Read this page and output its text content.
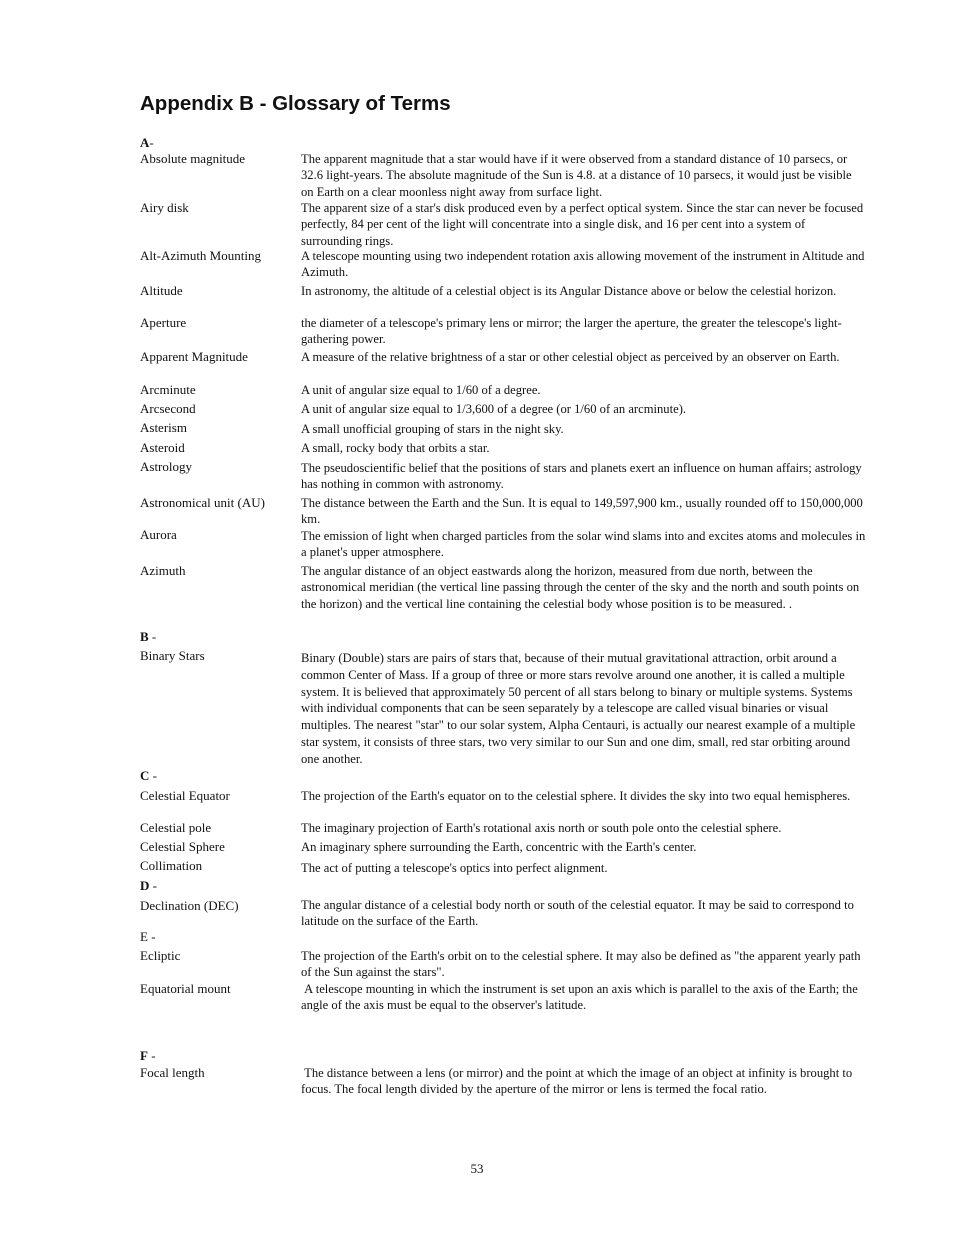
Appendix B - Glossary of Terms
A-
Absolute magnitude	The apparent magnitude that a star would have if it were observed from a standard distance of 10 parsecs, or 32.6 light-years. The absolute magnitude of the Sun is 4.8. at a distance of 10 parsecs, it would just be visible on Earth on a clear moonless night away from surface light.
Airy disk	The apparent size of a star's disk produced even by a perfect optical system. Since the star can never be focused perfectly, 84 per cent of the light will concentrate into a single disk, and 16 per cent into a system of surrounding rings.
Alt-Azimuth Mounting	A telescope mounting using two independent rotation axis allowing movement of the instrument in Altitude and Azimuth.
Altitude	In astronomy, the altitude of a celestial object is its Angular Distance above or below the celestial horizon.
Aperture	the diameter of a telescope's primary lens or mirror; the larger the aperture, the greater the telescope's light-gathering power.
Apparent Magnitude	A measure of the relative brightness of a star or other celestial object as perceived by an observer on Earth.
Arcminute	A unit of angular size equal to 1/60 of a degree.
Arcsecond	A unit of angular size equal to 1/3,600 of a degree (or 1/60 of an arcminute).
Asterism	A small unofficial grouping of stars in the night sky.
Asteroid	A small, rocky body that orbits a star.
Astrology	The pseudoscientific belief that the positions of stars and planets exert an influence on human affairs; astrology has nothing in common with astronomy.
Astronomical unit (AU)	The distance between the Earth and the Sun. It is equal to 149,597,900 km., usually rounded off to 150,000,000 km.
Aurora	The emission of light when charged particles from the solar wind slams into and excites atoms and molecules in a planet's upper atmosphere.
Azimuth	The angular distance of an object eastwards along the horizon, measured from due north, between the astronomical meridian (the vertical line passing through the center of the sky and the north and south points on the horizon) and the vertical line containing the celestial body whose position is to be measured. .
B -
Binary Stars	Binary (Double) stars are pairs of stars that, because of their mutual gravitational attraction, orbit around a common Center of Mass. If a group of three or more stars revolve around one another, it is called a multiple system. It is believed that approximately 50 percent of all stars belong to binary or multiple systems. Systems with individual components that can be seen separately by a telescope are called visual binaries or visual multiples. The nearest "star" to our solar system, Alpha Centauri, is actually our nearest example of a multiple star system, it consists of three stars, two very similar to our Sun and one dim, small, red star orbiting around one another.
C -
Celestial Equator	The projection of the Earth's equator on to the celestial sphere. It divides the sky into two equal hemispheres.
Celestial pole	The imaginary projection of Earth's rotational axis north or south pole onto the celestial sphere.
Celestial Sphere	An imaginary sphere surrounding the Earth, concentric with the Earth's center.
Collimation	The act of putting a telescope's optics into perfect alignment.
D -
Declination (DEC)	The angular distance of a celestial body north or south of the celestial equator. It may be said to correspond to latitude on the surface of the Earth.
E -
Ecliptic	The projection of the Earth's orbit on to the celestial sphere. It may also be defined as "the apparent yearly path of the Sun against the stars".
Equatorial mount	A telescope mounting in which the instrument is set upon an axis which is parallel to the axis of the Earth; the angle of the axis must be equal to the observer's latitude.
F -
Focal length	The distance between a lens (or mirror) and the point at which the image of an object at infinity is brought to focus. The focal length divided by the aperture of the mirror or lens is termed the focal ratio.
53
